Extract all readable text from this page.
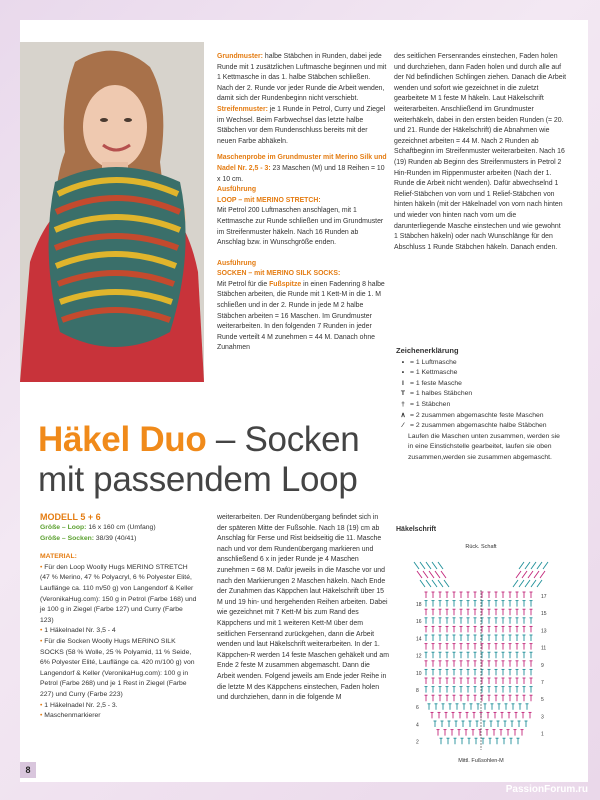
Grundmuster: halbe Stäbchen in Runden, dabei jede Runde mit 1 zusätzlichen Luftmasche beginnen und mit 1 Kettmasche in das 1. halbe Stäbchen schließen. Nach der 2. Runde vor jeder Runde die Arbeit wenden, damit sich der Rundenbeginn nicht verschiebt.

Streifenmuster: je 1 Runde in Petrol, Curry und Ziegel im Wechsel. Beim Farbwechsel das letzte halbe Stäbchen vor dem Rundenschluss bereits mit der neuen Farbe abhäkeln.

Maschenprobe im Grundmuster mit Merino Silk und Nadel Nr. 2,5 - 3: 23 Maschen (M) und 18 Reihen = 10 x 10 cm.

Ausführung

LOOP – mit MERINO STRETCH:

Mit Petrol 200 Luftmaschen anschlagen, mit 1 Kettmasche zur Runde schließen und im Grundmuster im Streifenmuster häkeln. Nach 16 Runden ab Anschlag bzw. in Wunschgröße enden.

Ausführung

SOCKEN – mit MERINO SILK SOCKS:

Mit Petrol für die Fußspitze in einen Fadenring 8 halbe Stäbchen arbeiten, die Runde mit 1 Kett-M in die 1. M schließen und in der 2. Runde in jede M 2 halbe Stäbchen arbeiten = 16 Maschen. Im Grundmuster weiterarbeiten. In den folgenden 7 Runden in jeder Runde verteilt 4 M zunehmen = 44 M. Danach ohne Zunahmen

des seitlichen Fersenrandes einstechen, Faden holen und durchziehen, dann Faden holen und durch alle auf der Nd befindlichen Schlingen ziehen. Danach die Arbeit wenden und sofort wie gezeichnet in die zuletzt gearbeitete M 1 feste M häkeln. Laut Häkelschrift weiterarbeiten. Anschließend im Grundmuster weiterhäkeln, dabei in den ersten beiden Runden (= 20. und 21. Runde der Häkelschrift) die Abnahmen wie gezeichnet arbeiten = 44 M. Nach 2 Runden ab Schaftbeginn im Streifenmuster weiterarbeiten. Nach 16 (19) Runden ab Beginn des Streifenmusters in Petrol 2 Hin-Runden im Rippenmuster arbeiten (Nach der 1. Runde die Arbeit nicht wenden). Dafür abwechselnd 1 Relief-Stäbchen von vorn und 1 Relief-Stäbchen von hinten häkeln (mit der Häkelnadel von vorn nach hinten und wieder von hinten nach vorn um die darunterliegende Masche einstechen und wie gewohnt 1 Stäbchen häkeln) oder nach Wunschlänge für den Abschluss 1 Runde Stäbchen häkeln. Danach enden.

Häkel Duo – Socken
mit passendem Loop

MODELL 5 + 6

Größe – Loop: 16 x 160 cm (Umfang)

Größe – Socken: 38/39 (40/41)

MATERIAL:

• Für den Loop Woolly Hugs MERINO STRETCH (47 % Merino, 47 % Polyacryl, 6 % Polyester Elité, Lauflänge ca. 110 m/50 g) von Langendorf & Keller (VeronikaHug.com): 150 g in Petrol (Farbe 168) und je 100 g in Ziegel (Farbe 127) und Curry (Farbe 123)

• 1 Häkelnadel Nr. 3,5 - 4

• Für die Socken Woolly Hugs MERINO SILK SOCKS (58 % Wolle, 25 % Polyamid, 11 % Seide, 6% Polyester Elité, Lauflänge ca. 420 m/100 g) von Langendorf & Keller (VeronikaHug.com): 100 g in Petrol (Farbe 268) und je 1 Rest in Ziegel (Farbe 227) und Curry (Farbe 223)

• 1 Häkelnadel Nr. 2,5 - 3.

• Maschenmarkierer

weiterarbeiten. Der Rundenübergang befindet sich in der späteren Mitte der Fußsohle. Nach 18 (19) cm ab Anschlag für Ferse und Rist beidseitig die 11. Masche nach und vor dem Rundenübergang markieren und anschließend 6 x in jeder Runde je 4 Maschen zunehmen = 68 M. Dafür jeweils in die Masche vor und nach den Markierungen 2 Maschen häkeln. Nach Ende der Zunahmen das Käppchen laut Häkelschrift über 15 M und 19 hin- und hergehenden Reihen arbeiten. Dabei wie gezeichnet mit 7 Kett-M bis zum Rand des Käppchens und mit 1 weiteren Kett-M über dem seitlichen Fersenrand zurückgehen, dann die Arbeit wenden und laut Häkelschrift weiterarbeiten. In der 1. Käppchen-R werden 14 feste Maschen gehäkelt und am Ende 2 feste M zusammen abgemascht. Dann die Arbeit wenden. Folgend jeweils am Ende jeder Reihe in die letzte M des Käppchens einstechen, Faden holen und durchziehen, dann in die folgende M

Zeichenerklärung
• = 1 Luftmasche
• = 1 Kettmasche
I = 1 feste Masche
T = 1 halbes Stäbchen
† = 1 Stäbchen
∧ = 2 zusammen abgemaschte feste Maschen
⁄ = 2 zusammen abgemaschte halbe Stäbchen

Laufen die Maschen unten zusammen, werden sie in eine Einstichstelle gearbeitet, laufen sie oben zusammen,werden sie zusammen abgemascht.

Häkelschrift
Rück. Schaft
17
15
13
11
9
7
5
3
1
18
16
14
12
10
8
6
4
2
Mittl. Fußsohlen-M
8
PassionForum.ru
